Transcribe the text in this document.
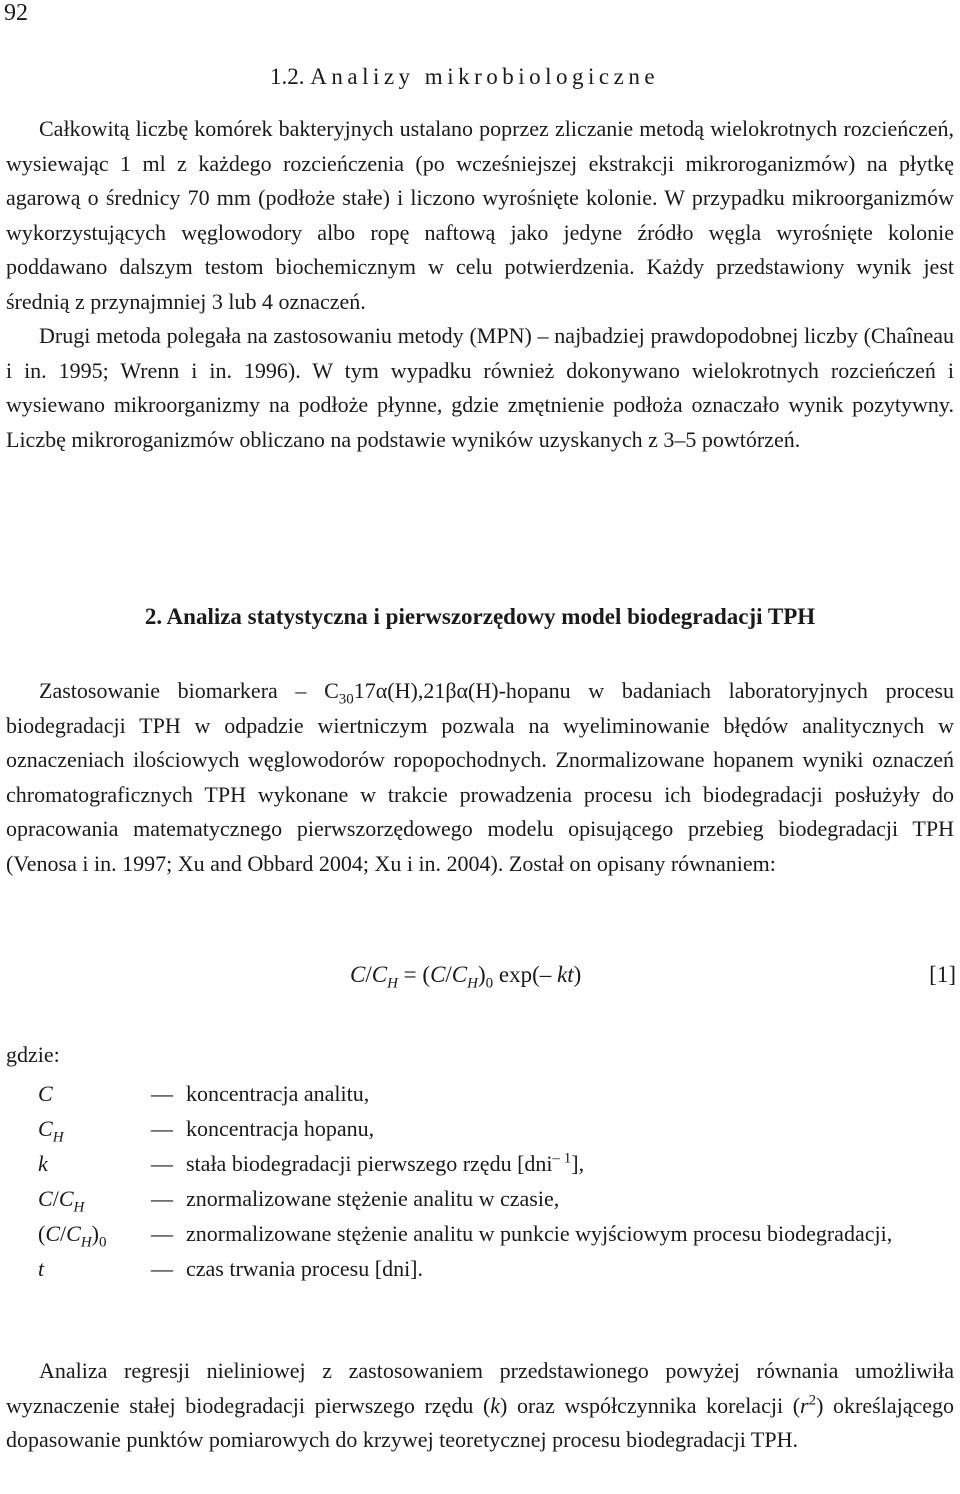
92
1.2. Analizy mikrobiologiczne

Całkowitą liczbę komórek bakteryjnych ustalano poprzez zliczanie metodą wielokrotnych rozcieńczeń, wysiewając 1 ml z każdego rozcieńczenia (po wcześniejszej ekstrakcji mikroroganizmów) na płytkę agarową o średnicy 70 mm (podłoże stałe) i liczono wyrośnięte kolonie. W przypadku mikroorganizmów wykorzystujących węglowodory albo ropę naftową jako jedyne źródło węgla wyrośnięte kolonie poddawano dalszym testom biochemicznym w celu potwierdzenia. Każdy przedstawiony wynik jest średnią z przynajmniej 3 lub 4 oznaczeń.

Drugi metoda polegała na zastosowaniu metody (MPN) – najbadziej prawdopodobnej liczby (Chaîneau i in. 1995; Wrenn i in. 1996). W tym wypadku również dokonywano wielokrotnych rozcieńczeń i wysiewano mikroorganizmy na podłoże płynne, gdzie zmętnienie podłoża oznaczało wynik pozytywny. Liczbę mikroroganizmów obliczano na podstawie wyników uzyskanych z 3–5 powtórzeń.

2. Analiza statystyczna i pierwszorzędowy model biodegradacji TPH

Zastosowanie biomarkera – $C_{30}17\alpha(H),21\beta\alpha(H)$-hopanu w badaniach laboratoryjnych procesu biodegradacji TPH w odpadzie wiertniczym pozwala na wyeliminowanie błędów analitycznych w oznaczeniach ilościowych węglowodorów ropopochodnych. Znormalizowane hopanem wyniki oznaczeń chromatograficznych TPH wykonane w trakcie prowadzenia procesu ich biodegradacji posłużyły do opracowania matematycznego pierwszorzędowego modelu opisującego przebieg biodegradacji TPH (Venosa i in. 1997; Xu and Obbard 2004; Xu i in. 2004). Został on opisany równaniem:

$C/C_H = (C/C_H)_0$ exp(– kt)	[1]
gdzie:
C	— koncentracja analitu,
$C_H$	— koncentracja hopanu,
k	— stała biodegradacji pierwszego rzędu [dni$^{- 1}$],
$C/C_H$	— znormalizowane stężenie analitu w czasie,
$(C/C_H)_0$	— znormalizowane stężenie analitu w punkcie wyjściowym procesu biodegradacji,
t	— czas trwania procesu [dni].

Analiza regresji nieliniowej z zastosowaniem przedstawionego powyżej równania umożliwiła wyznaczenie stałej biodegradacji pierwszego rzędu (k) oraz współczynnika korelacji $(r^2)$ określającego dopasowanie punktów pomiarowych do krzywej teoretycznej procesu biodegradacji TPH.
